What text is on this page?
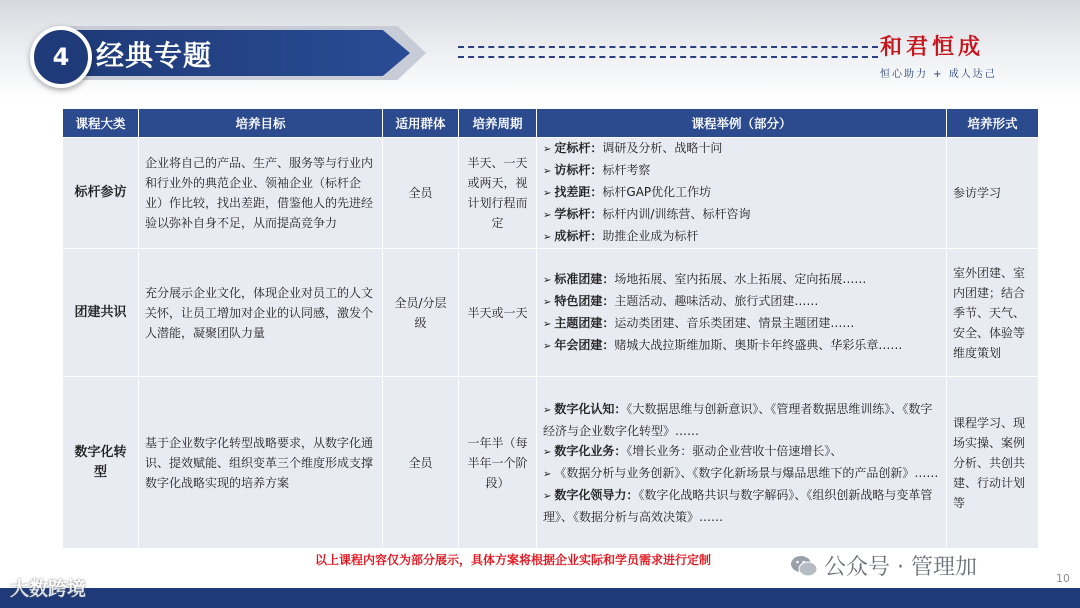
4 经典专题	和君恒成
恒心助力 + 成人达己
课程大类	培养目标	适用群体	培养周期	课程举例（部分）	培养形式
标杆参访	企业将自己的产品、生产、服务等与行业内和行业外的典范企业、领袖企业（标杆企业）作比较，找出差距，借鉴他人的先进经验以弥补自身不足，从而提高竞争力	全员	半天、一天或两天，视计划行程而定	➢ 定标杆：调研及分析、战略十问
➢ 访标杆：标杆考察
➢ 找差距：标杆GAP优化工作坊
➢ 学标杆：标杆内训/训练营、标杆咨询
➢ 成标杆：助推企业成为标杆	参访学习
团建共识	充分展示企业文化，体现企业对员工的人文关怀，让员工增加对企业的认同感，激发个人潜能，凝聚团队力量	全员/分层级	半天或一天	➢ 标准团建：场地拓展、室内拓展、水上拓展、定向拓展……
➢ 特色团建：主题活动、趣味活动、旅行式团建……
➢ 主题团建：运动类团建、音乐类团建、情景主题团建……
➢ 年会团建：赌城大战拉斯维加斯、奥斯卡年终盛典、华彩乐章……	室外团建、室内团建；结合季节、天气、安全、体验等维度策划
数字化转型	基于企业数字化转型战略要求，从数字化通识、提效赋能、组织变革三个维度形成支撑数字化战略实现的培养方案	全员	一年半（每半年一个阶段）	➢ 数字化认知：《大数据思维与创新意识》、《管理者数据思维训练》、《数字经济与企业数字化转型》……
➢ 数字化业务：《增长业务：驱动企业营收十倍速增长》、
➢ 《数据分析与业务创新》、《数字化新场景与爆品思维下的产品创新》……
➢ 数字化领导力：《数字化战略共识与数字解码》、《组织创新战略与变革管理》、《数据分析与高效决策》……	课程学习、现场实操、案例分析、共创共建、行动计划等
以上课程内容仅为部分展示，具体方案将根据企业实际和学员需求进行定制	公众号 · 管理加	10
大数跨境
